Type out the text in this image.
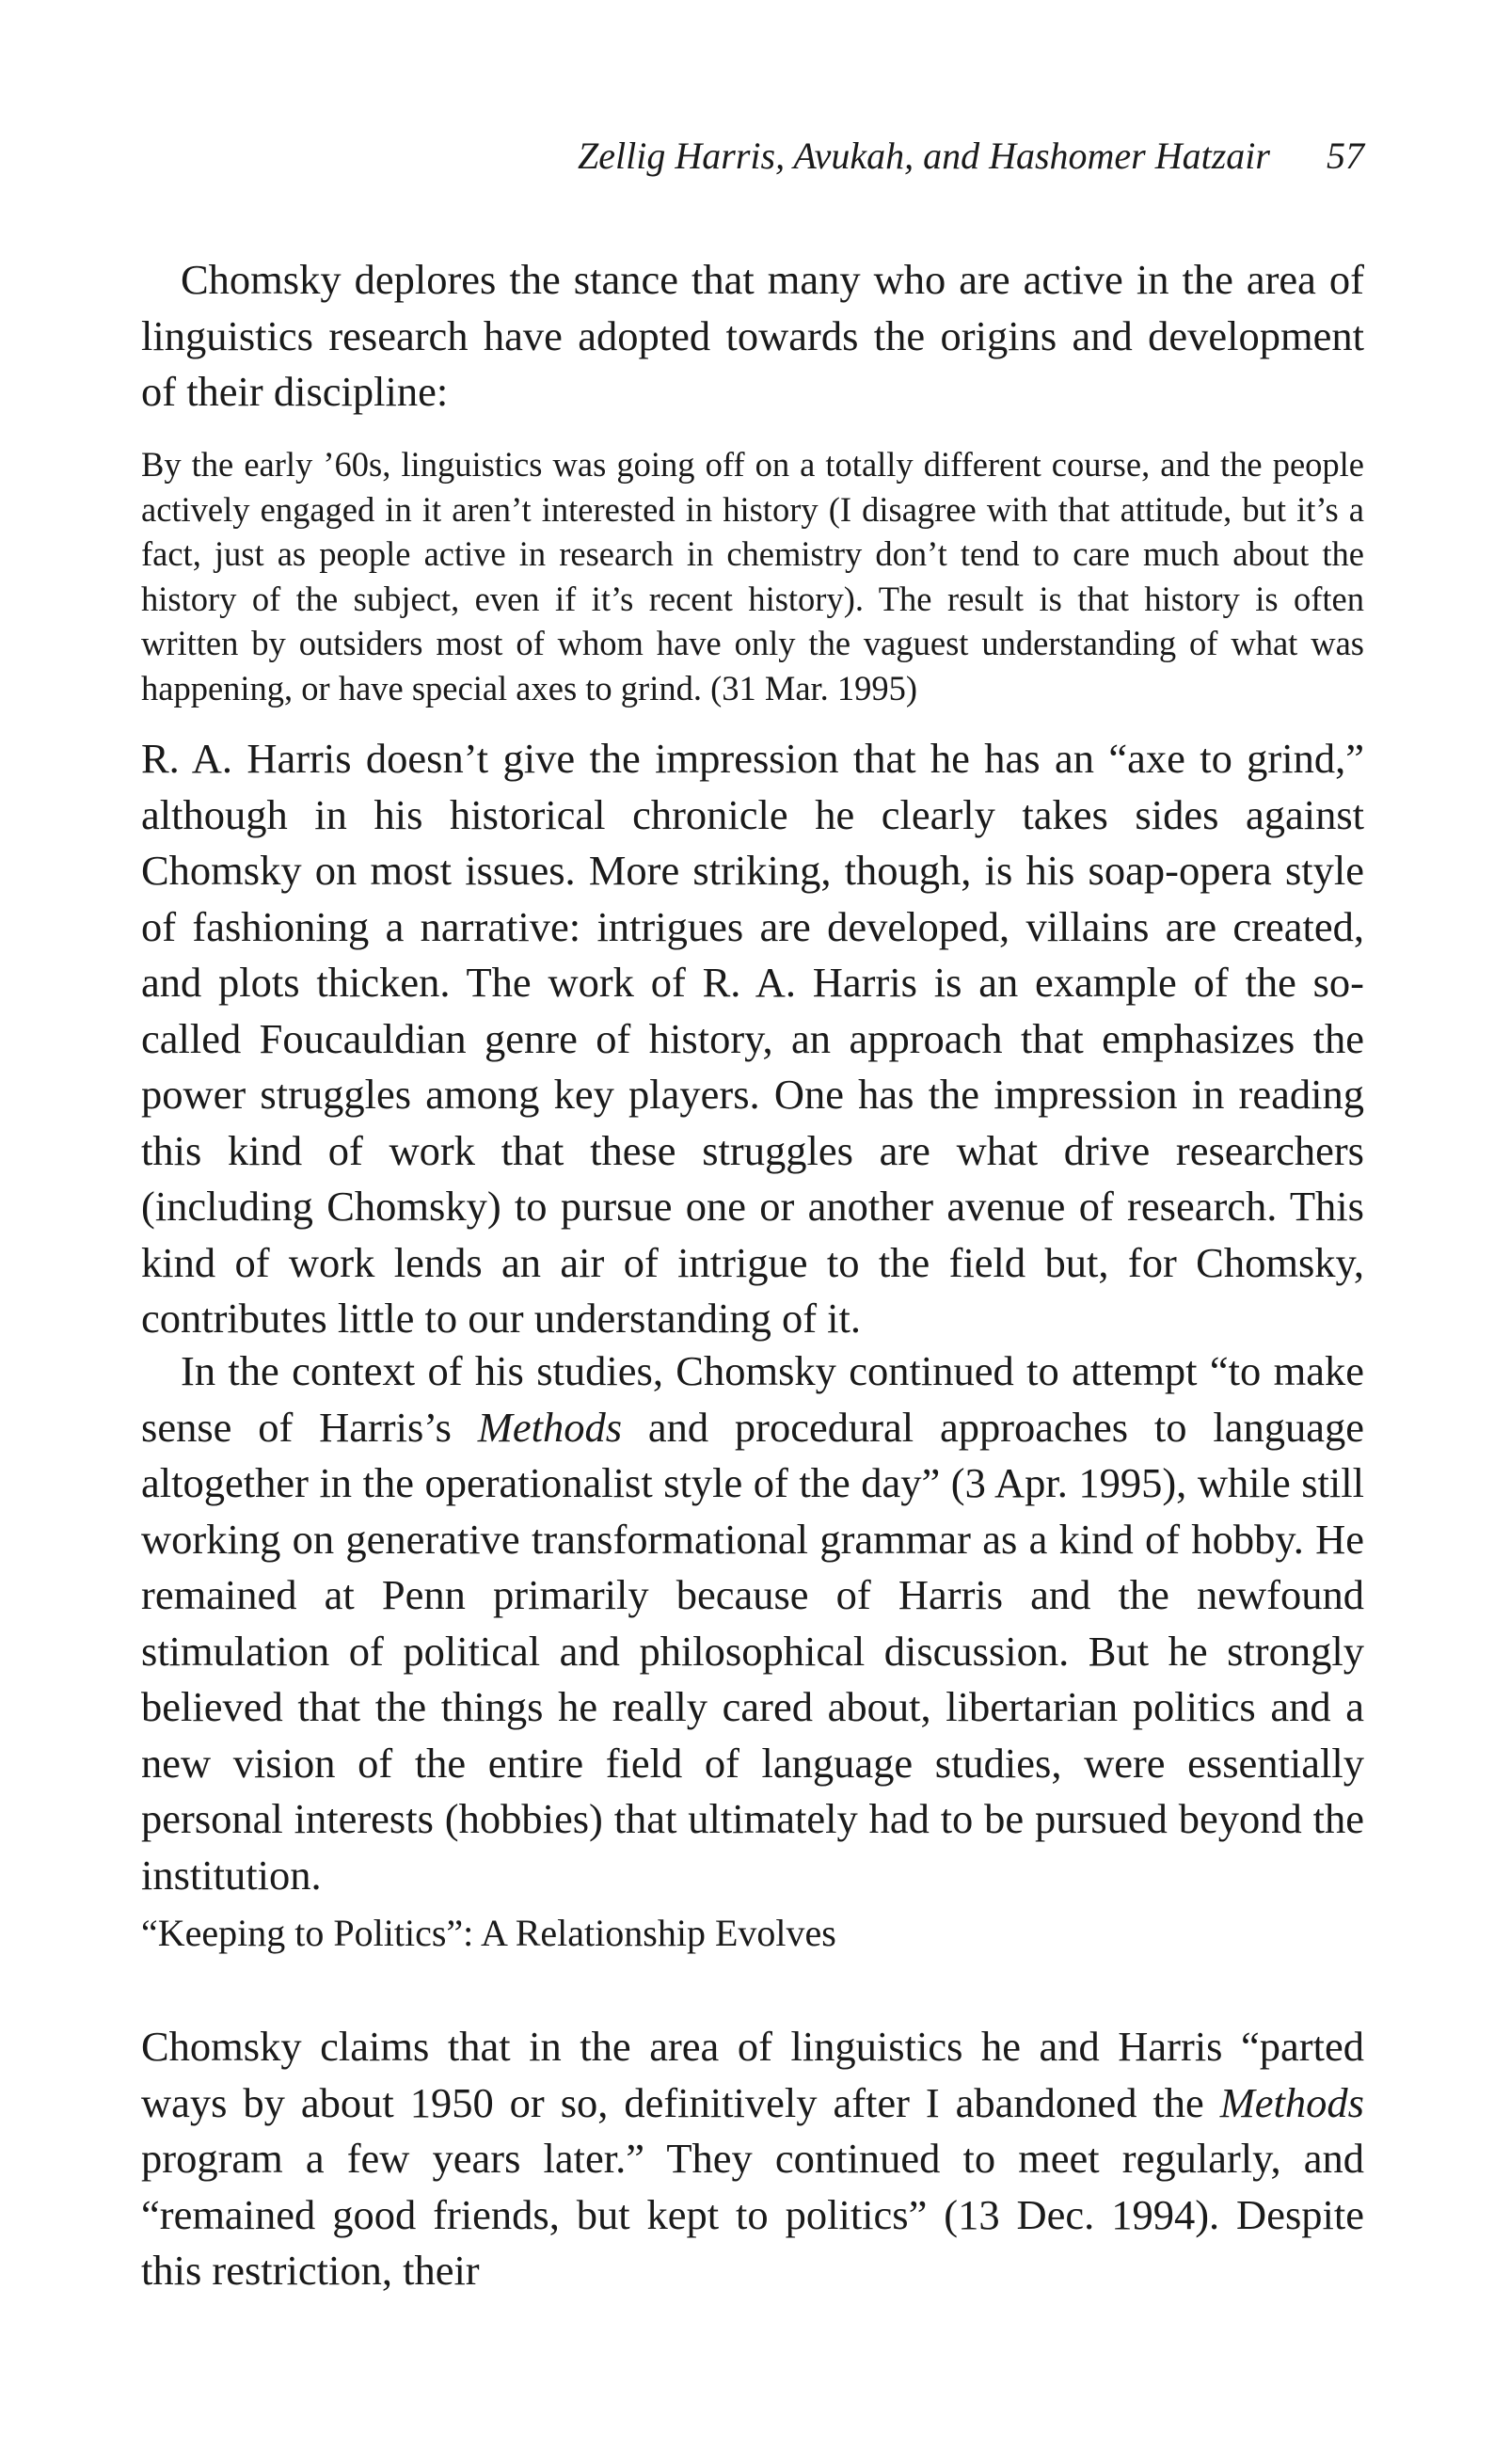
Zellig Harris, Avukah, and Hashomer Hatzair 57

Chomsky deplores the stance that many who are active in the area of linguistics research have adopted towards the origins and development of their discipline:

By the early ’60s, linguistics was going off on a totally different course, and the people actively engaged in it aren’t interested in history (I disagree with that attitude, but it’s a fact, just as people active in research in chemistry don’t tend to care much about the history of the subject, even if it’s recent history). The result is that history is often written by outsiders most of whom have only the vaguest understanding of what was happening, or have special axes to grind. (31 Mar. 1995)

R. A. Harris doesn’t give the impression that he has an “axe to grind,” although in his historical chronicle he clearly takes sides against Chomsky on most issues. More striking, though, is his soap-opera style of fashioning a narrative: intrigues are developed, villains are created, and plots thicken. The work of R. A. Harris is an example of the so-called Foucauldian genre of history, an approach that emphasizes the power struggles among key players. One has the impression in reading this kind of work that these struggles are what drive researchers (including Chomsky) to pursue one or another avenue of research. This kind of work lends an air of intrigue to the field but, for Chomsky, contributes little to our understanding of it.

In the context of his studies, Chomsky continued to attempt “to make sense of Harris’s Methods and procedural approaches to language altogether in the operationalist style of the day” (3 Apr. 1995), while still working on generative transformational grammar as a kind of hobby. He remained at Penn primarily because of Harris and the newfound stimulation of political and philosophical discussion. But he strongly believed that the things he really cared about, libertarian politics and a new vision of the entire field of language studies, were essentially personal interests (hobbies) that ultimately had to be pursued beyond the institution.

“Keeping to Politics”: A Relationship Evolves

Chomsky claims that in the area of linguistics he and Harris “parted ways by about 1950 or so, definitively after I abandoned the Methods program a few years later.” They continued to meet regularly, and “remained good friends, but kept to politics” (13 Dec. 1994). Despite this restriction, their
